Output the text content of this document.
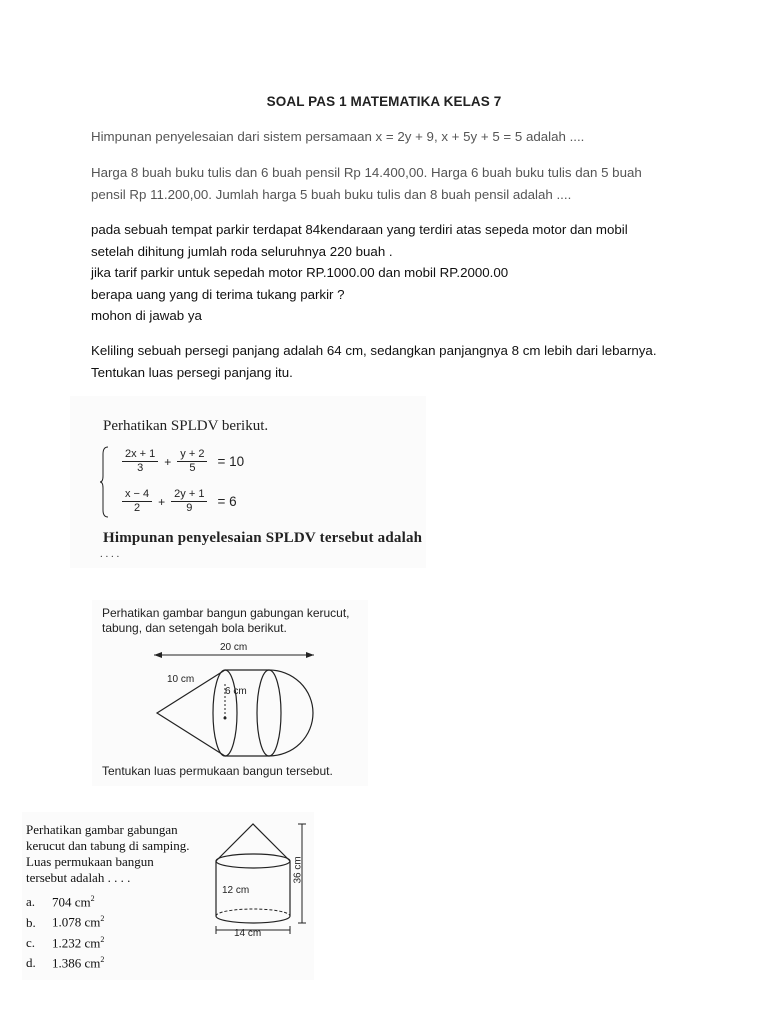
SOAL PAS 1 MATEMATIKA KELAS 7
Himpunan penyelesaian dari sistem persamaan x = 2y + 9, x + 5y + 5 = 5 adalah ....
Harga 8 buah buku tulis dan 6 buah pensil Rp 14.400,00. Harga 6 buah buku tulis dan 5 buah
pensil Rp 11.200,00. Jumlah harga 5 buah buku tulis dan 8 buah pensil adalah ....
pada sebuah tempat parkir terdapat 84kendaraan yang terdiri atas sepeda motor dan mobil
setelah dihitung jumlah roda seluruhnya 220 buah .
jika tarif parkir untuk sepedah motor RP.1000.00 dan mobil RP.2000.00
berapa uang yang di terima tukang parkir ?
mohon di jawab ya
Keliling sebuah persegi panjang adalah 64 cm, sedangkan panjangnya 8 cm lebih dari lebarnya.
Tentukan luas persegi panjang itu.
Perhatikan SPLDV berikut.
$\frac{2x + 1}{3} + \frac{y + 2}{5} = 10$
$\frac{x - 4}{2} + \frac{2y + 1}{9} = 6$
Himpunan penyelesaian SPLDV tersebut adalah
. . . .
Perhatikan gambar bangun gabungan kerucut,
tabung, dan setengah bola berikut.
20 cm
10 cm
6 cm
Tentukan luas permukaan bangun tersebut.
Perhatikan gambar gabungan
kerucut dan tabung di samping.
Luas permukaan bangun
tersebut adalah . . . .
a. 704 $cm^2$
b. 1.078 $cm^2$
c. 1.232 $cm^2$
d. 1.386 $cm^2$
12 cm
36 cm
14 cm
